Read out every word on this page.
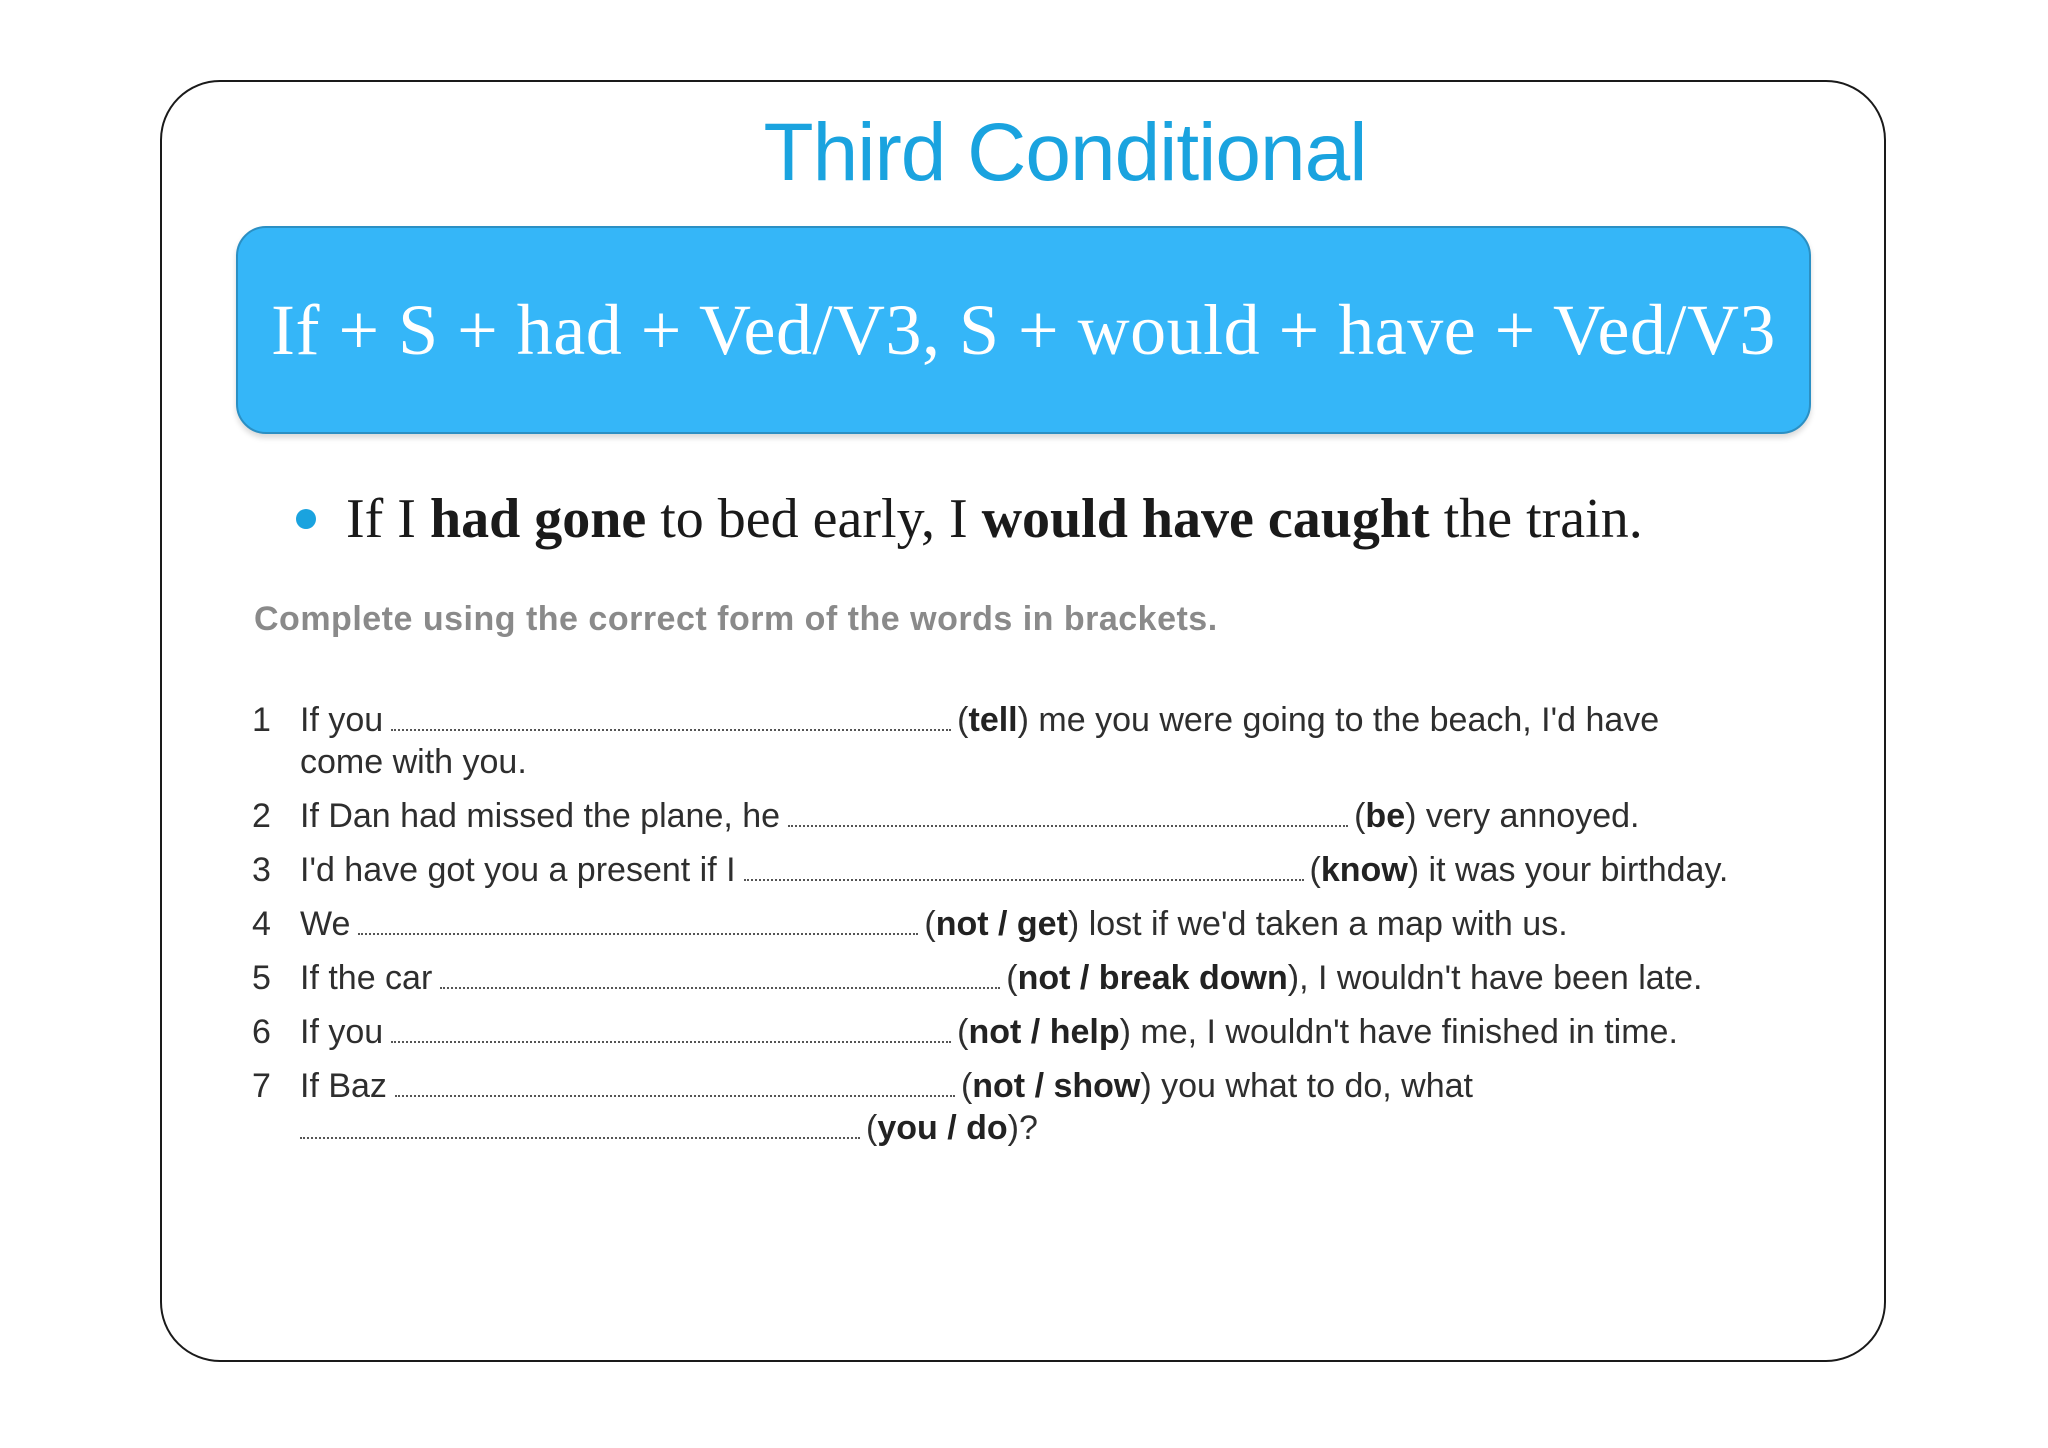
Third Conditional
If + S + had + Ved/V3, S + would + have + Ved/V3
If I had gone to bed early, I would have caught the train.
Complete using the correct form of the words in brackets.
1 If you	(tell) me you were going to the beach, I'd have
come with you.
2 If Dan had missed the plane, he	(be) very annoyed.
3 I'd have got you a present if I	(know) it was your birthday.
4 We	(not / get) lost if we'd taken a map with us.
5 If the car	(not / break down), I wouldn't have been late.
6 If you	(not / help) me, I wouldn't have finished in time.
7 If Baz	(not / show) you what to do, what
(you / do)?
